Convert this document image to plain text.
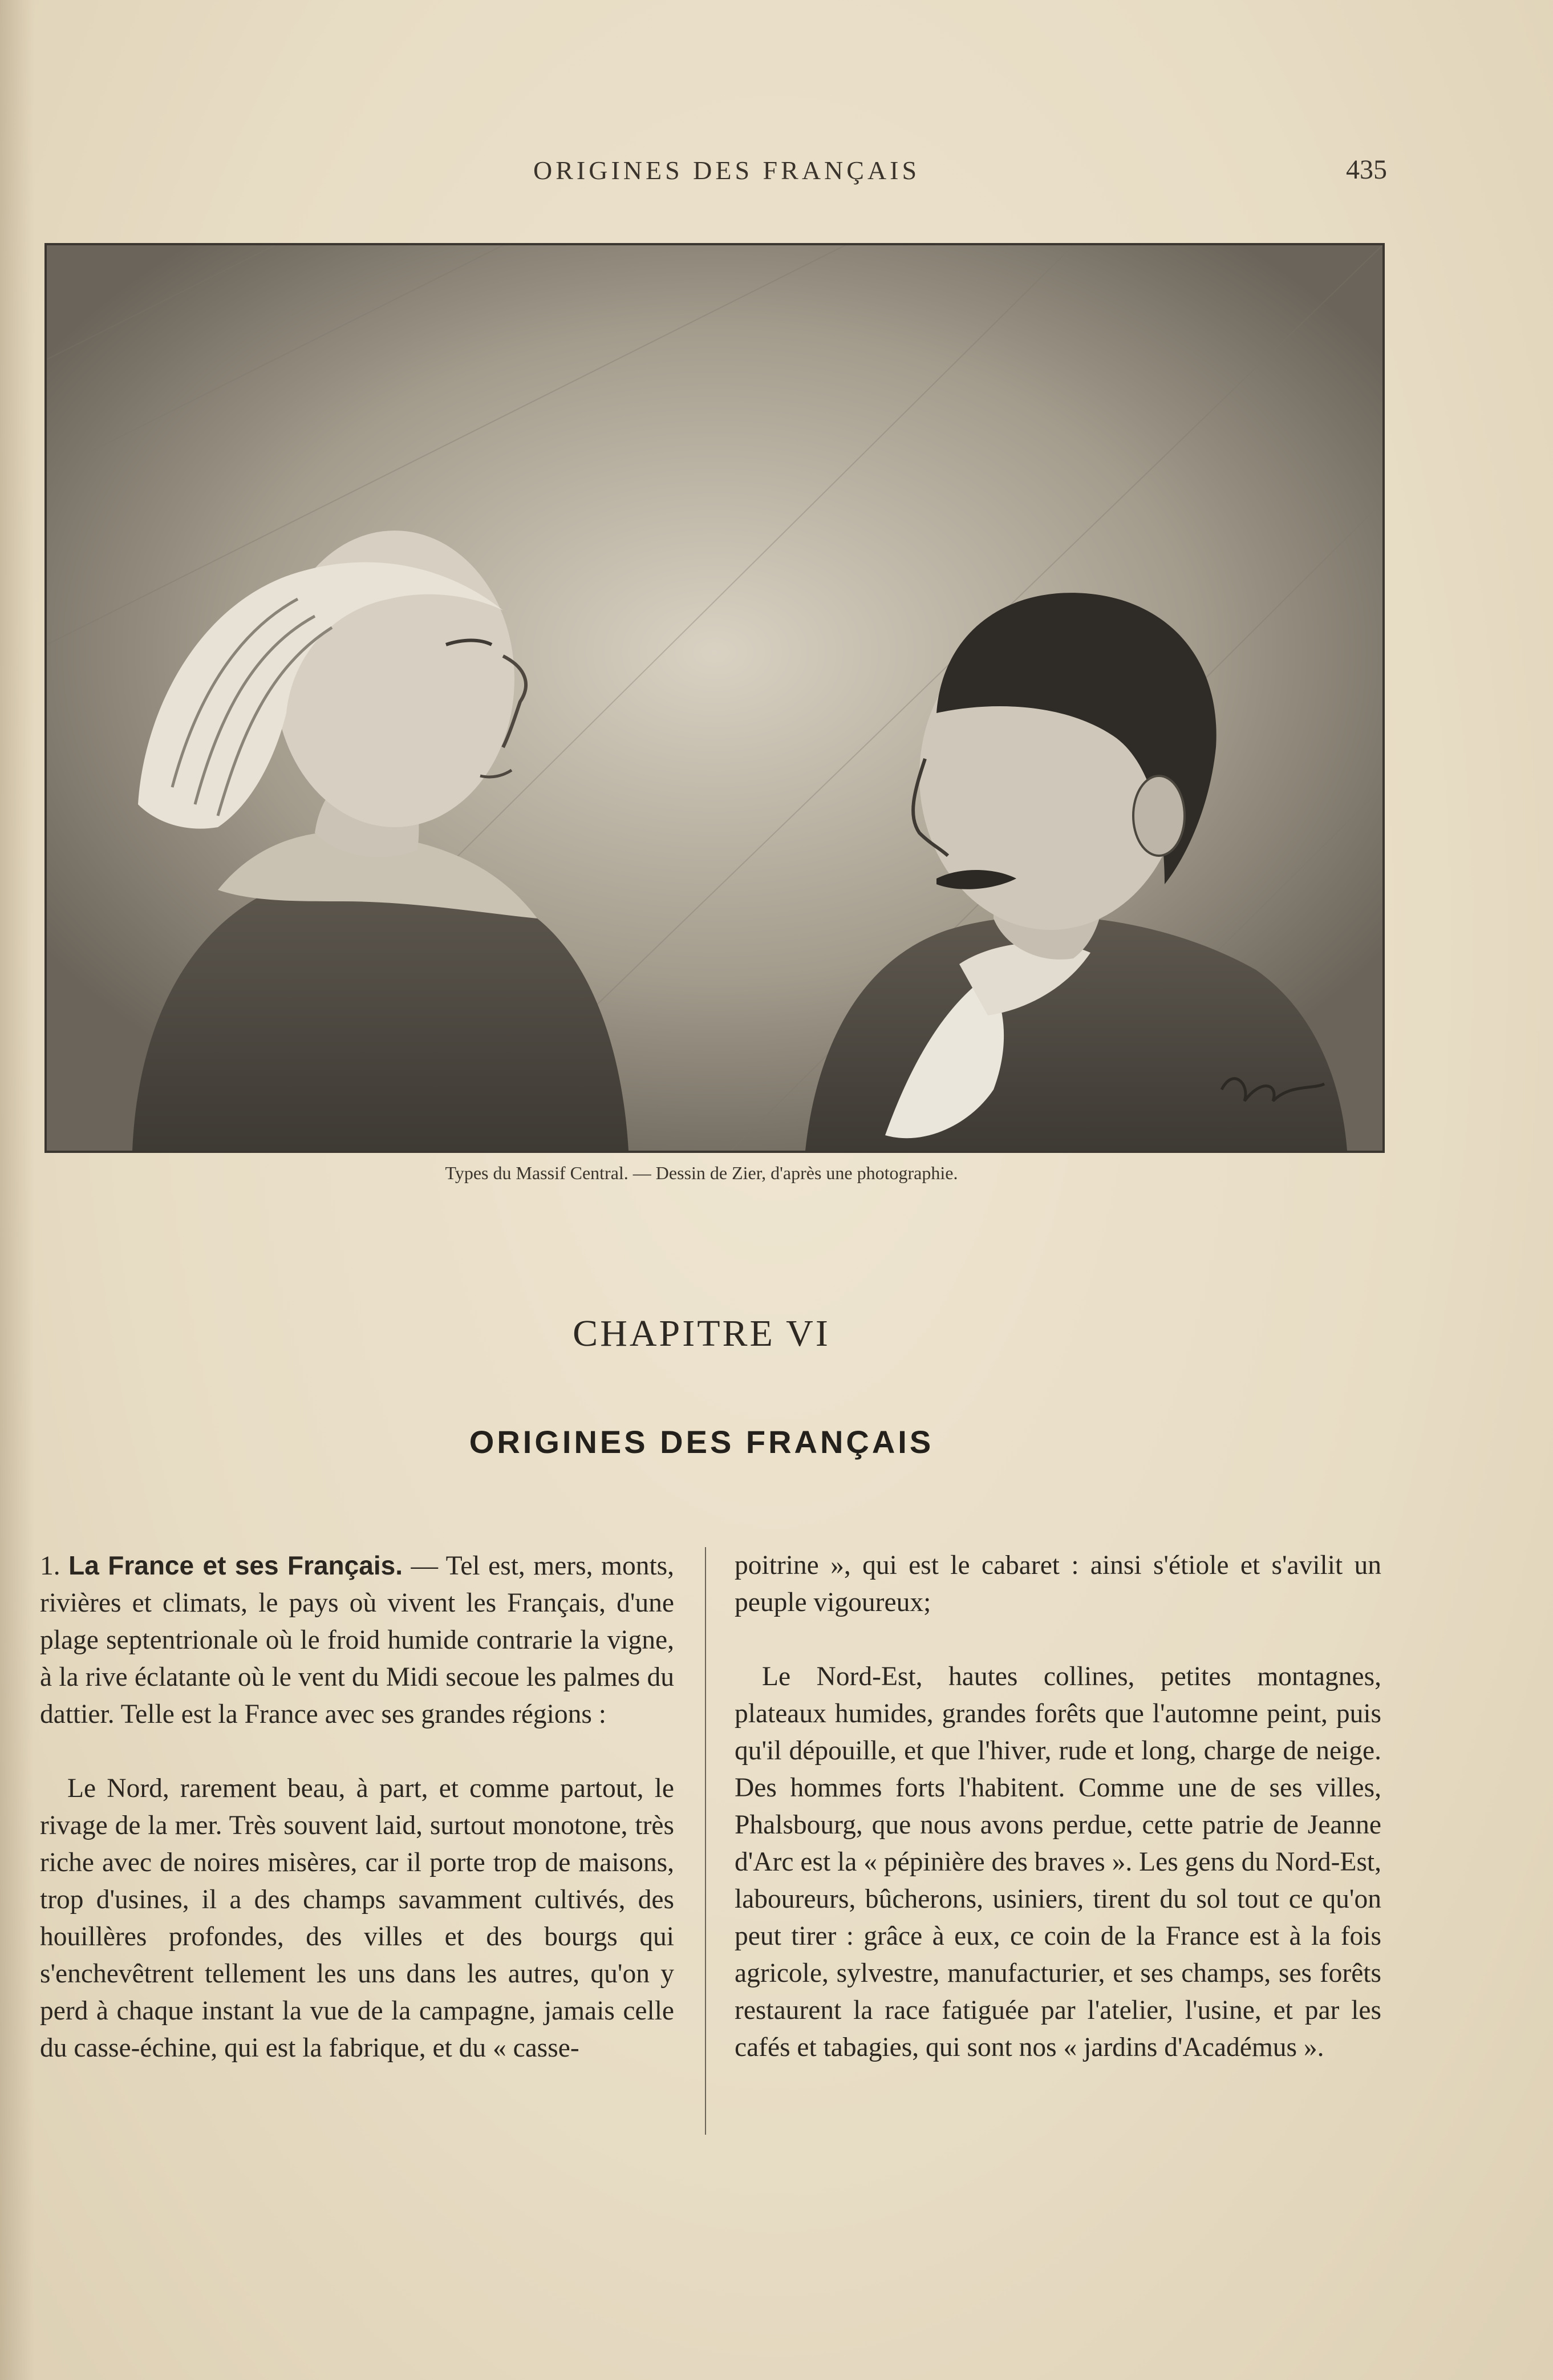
ORIGINES DES FRANÇAIS	435
Types du Massif Central. — Dessin de Zier, d'après une photographie.
CHAPITRE VI
ORIGINES DES FRANÇAIS

1. La France et ses Français. — Tel est, mers, monts, rivières et climats, le pays où vivent les Français, d'une plage septentrionale où le froid humide contrarie la vigne, à la rive éclatante où le vent du Midi secoue les palmes du dattier. Telle est la France avec ses grandes régions :

Le Nord, rarement beau, à part, et comme partout, le rivage de la mer. Très souvent laid, surtout monotone, très riche avec de noires misères, car il porte trop de maisons, trop d'usines, il a des champs savamment cultivés, des houillères profondes, des villes et des bourgs qui s'enchevêtrent tellement les uns dans les autres, qu'on y perd à chaque instant la vue de la campagne, jamais celle du casse-échine, qui est la fabrique, et du « casse-

poitrine », qui est le cabaret : ainsi s'étiole et s'avilit un peuple vigoureux;

Le Nord-Est, hautes collines, petites montagnes, plateaux humides, grandes forêts que l'automne peint, puis qu'il dépouille, et que l'hiver, rude et long, charge de neige. Des hommes forts l'habitent. Comme une de ses villes, Phalsbourg, que nous avons perdue, cette patrie de Jeanne d'Arc est la « pépinière des braves ». Les gens du Nord-Est, laboureurs, bûcherons, usiniers, tirent du sol tout ce qu'on peut tirer : grâce à eux, ce coin de la France est à la fois agricole, sylvestre, manufacturier, et ses champs, ses forêts restaurent la race fatiguée par l'atelier, l'usine, et par les cafés et tabagies, qui sont nos « jardins d'Académus ».
